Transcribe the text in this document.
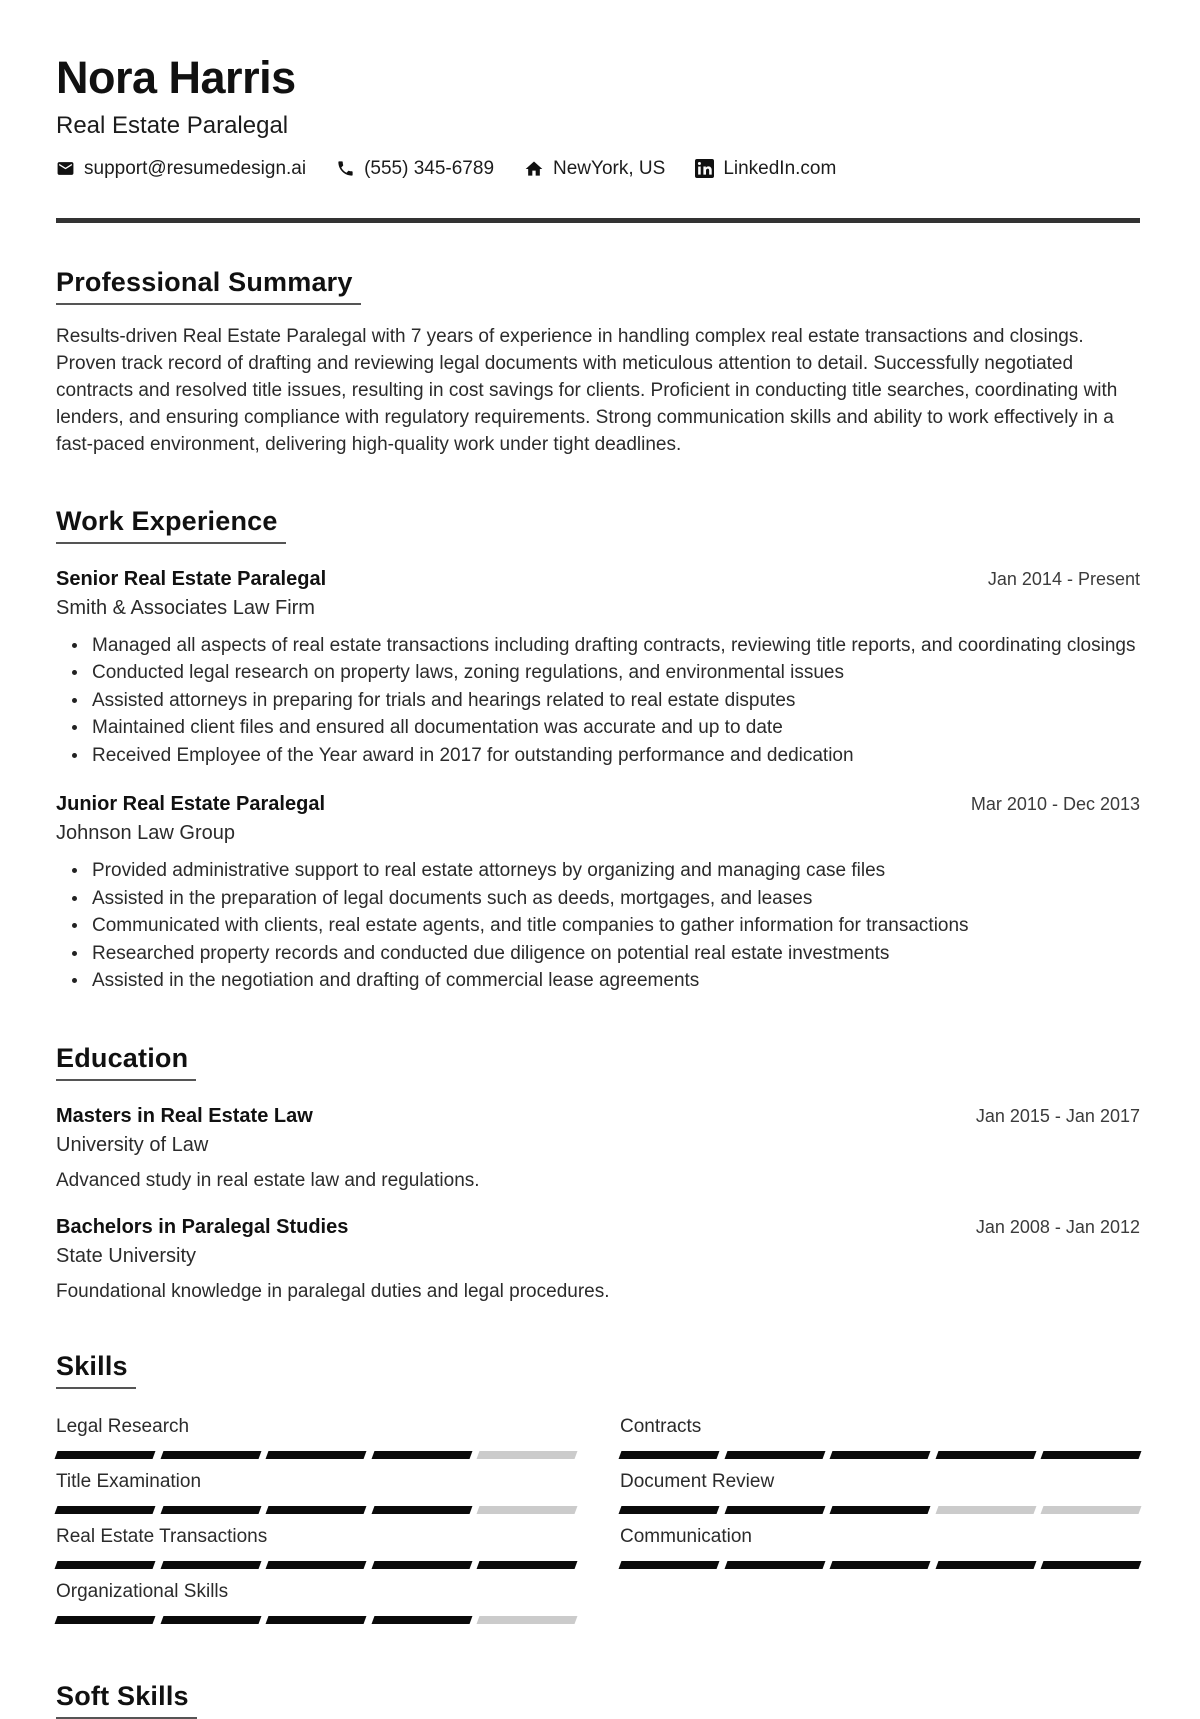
Nora Harris
Real Estate Paralegal
support@resumedesign.ai	(555) 345-6789	NewYork, US	LinkedIn.com
Professional Summary

Results-driven Real Estate Paralegal with 7 years of experience in handling complex real estate transactions and closings. Proven track record of drafting and reviewing legal documents with meticulous attention to detail. Successfully negotiated contracts and resolved title issues, resulting in cost savings for clients. Proficient in conducting title searches, coordinating with lenders, and ensuring compliance with regulatory requirements. Strong communication skills and ability to work effectively in a fast-paced environment, delivering high-quality work under tight deadlines.

Work Experience
Senior Real Estate Paralegal	Jan 2014 - Present
Smith & Associates Law Firm
Managed all aspects of real estate transactions including drafting contracts, reviewing title reports, and coordinating closings
Conducted legal research on property laws, zoning regulations, and environmental issues
Assisted attorneys in preparing for trials and hearings related to real estate disputes
Maintained client files and ensured all documentation was accurate and up to date
Received Employee of the Year award in 2017 for outstanding performance and dedication
Junior Real Estate Paralegal	Mar 2010 - Dec 2013
Johnson Law Group
Provided administrative support to real estate attorneys by organizing and managing case files
Assisted in the preparation of legal documents such as deeds, mortgages, and leases
Communicated with clients, real estate agents, and title companies to gather information for transactions
Researched property records and conducted due diligence on potential real estate investments
Assisted in the negotiation and drafting of commercial lease agreements
Education
Masters in Real Estate Law	Jan 2015 - Jan 2017
University of Law

Advanced study in real estate law and regulations.

Bachelors in Paralegal Studies	Jan 2008 - Jan 2012
State University

Foundational knowledge in paralegal duties and legal procedures.

Skills
Legal Research	Contracts
Title Examination	Document Review
Real Estate Transactions	Communication
Organizational Skills
Soft Skills
